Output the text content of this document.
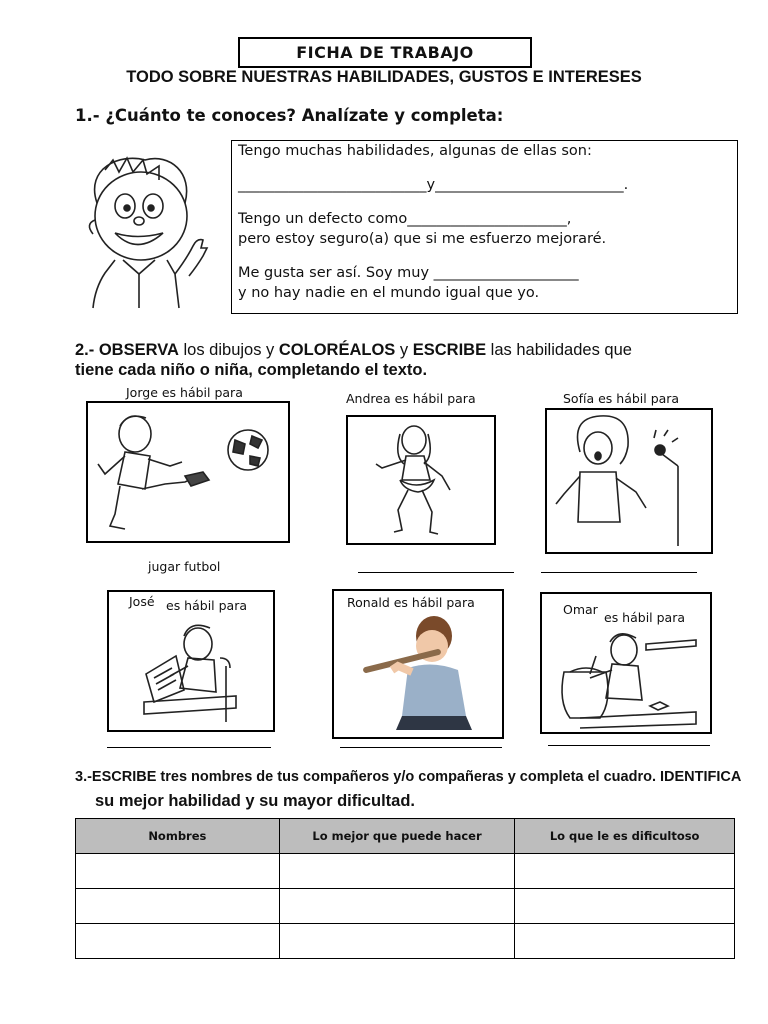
FICHA DE TRABAJO
TODO SOBRE NUESTRAS HABILIDADES, GUSTOS E INTERESES
1.- ¿Cuánto te conoces? Analízate y completa:
Tengo muchas habilidades, algunas de ellas son:
__________________________y__________________________.
Tengo un defecto como______________________,
pero estoy seguro(a) que si me esfuerzo mejoraré.
Me gusta ser así. Soy muy ____________________
y no hay nadie en el mundo igual que yo.
2.- OBSERVA los dibujos y COLORÉALOS y ESCRIBE las habilidades que
tiene cada niño o niña, completando el texto.
Jorge es hábil para
jugar futbol
Andrea es hábil para	Sofía es hábil para
José es hábil para	Ronald es hábil para	Omar
es hábil para
3.-ESCRIBE tres nombres de tus compañeros y/o compañeras y completa el cuadro. IDENTIFICA
su mejor habilidad y su mayor dificultad.
Nombres	Lo mejor que puede hacer	Lo que le es dificultoso
